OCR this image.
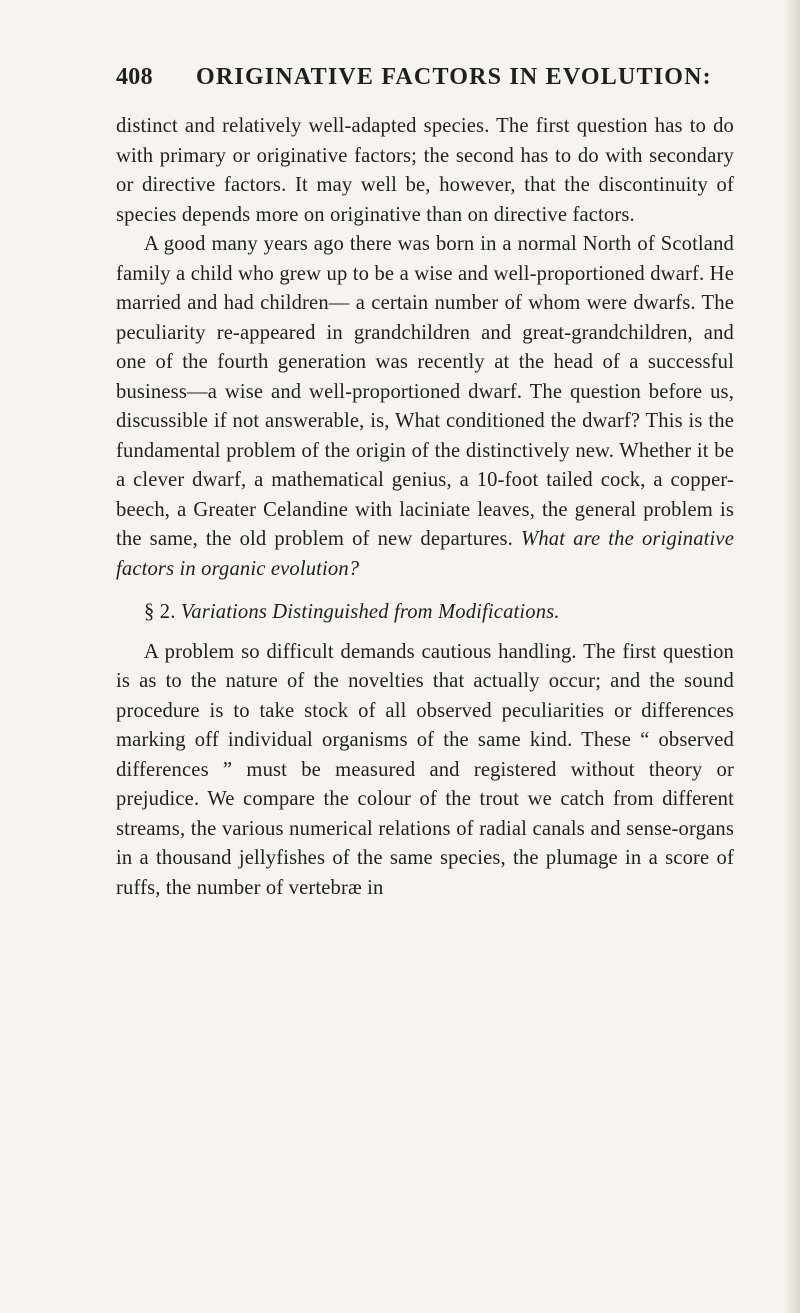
408 ORIGINATIVE FACTORS IN EVOLUTION:

distinct and relatively well-adapted species. The first question has to do with primary or originative factors; the second has to do with secondary or directive factors. It may well be, however, that the discontinuity of species depends more on originative than on directive factors.

A good many years ago there was born in a normal North of Scotland family a child who grew up to be a wise and well-proportioned dwarf. He married and had children— a certain number of whom were dwarfs. The peculiarity re-appeared in grandchildren and great-grandchildren, and one of the fourth generation was recently at the head of a successful business—a wise and well-proportioned dwarf. The question before us, discussible if not answerable, is, What conditioned the dwarf? This is the fundamental problem of the origin of the distinctively new. Whether it be a clever dwarf, a mathematical genius, a 10-foot tailed cock, a copper-beech, a Greater Celandine with laciniate leaves, the general problem is the same, the old problem of new departures. What are the originative factors in organic evolution?

§ 2. Variations Distinguished from Modifications.

A problem so difficult demands cautious handling. The first question is as to the nature of the novelties that actually occur; and the sound procedure is to take stock of all observed peculiarities or differences marking off individual organisms of the same kind. These “ observed differences ” must be measured and registered without theory or prejudice. We compare the colour of the trout we catch from different streams, the various numerical relations of radial canals and sense-organs in a thousand jellyfishes of the same species, the plumage in a score of ruffs, the number of vertebræ in
